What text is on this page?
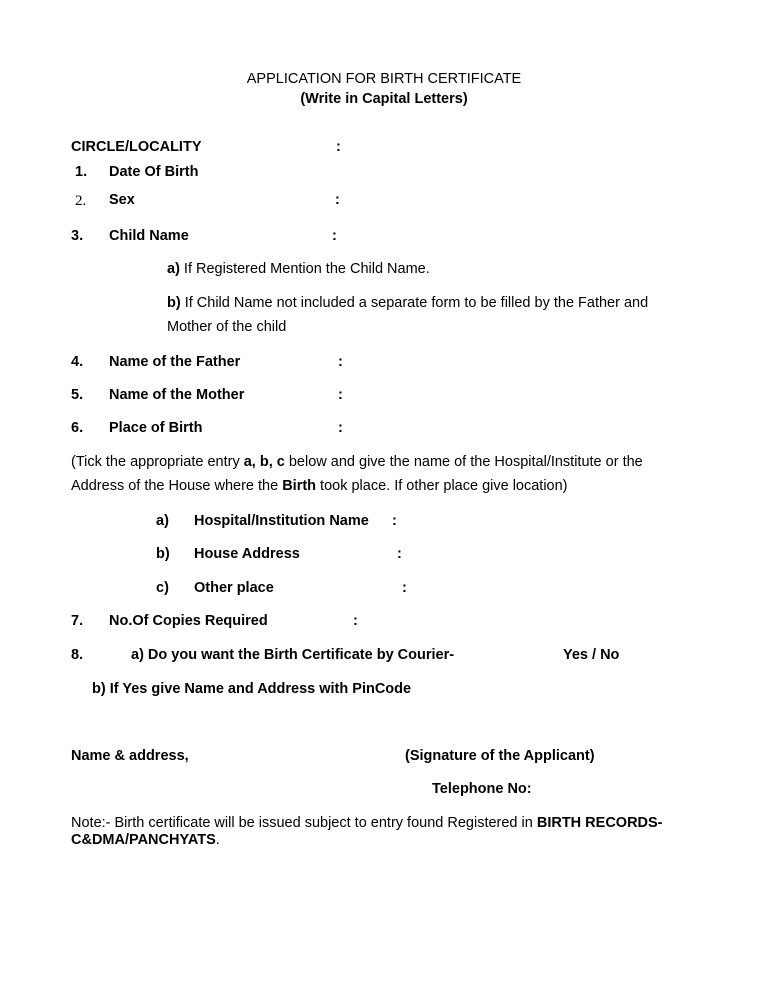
APPLICATION FOR BIRTH CERTIFICATE
(Write in Capital Letters)
CIRCLE/LOCALITY	:
1. Date Of Birth
2. Sex	:
3. Child Name	:
a) If Registered Mention the Child Name.
b) If Child Name not included a separate form to be filled by the Father and
Mother of the child
4. Name of the Father	:
5. Name of the Mother	:
6. Place of Birth	:
(Tick the appropriate entry a, b, c below and give the name of the Hospital/Institute or the
Address of the House where the Birth took place. If other place give location)
a) Hospital/Institution Name :
b) House Address	:
c) Other place	:
7. No.Of Copies Required	:
8.	a) Do you want the Birth Certificate by Courier-	Yes / No
b) If Yes give Name and Address with PinCode
Name & address,	(Signature of the Applicant)
Telephone No:
Note:- Birth certificate will be issued subject to entry found Registered in BIRTH RECORDS-
C&DMA/PANCHYATS.
